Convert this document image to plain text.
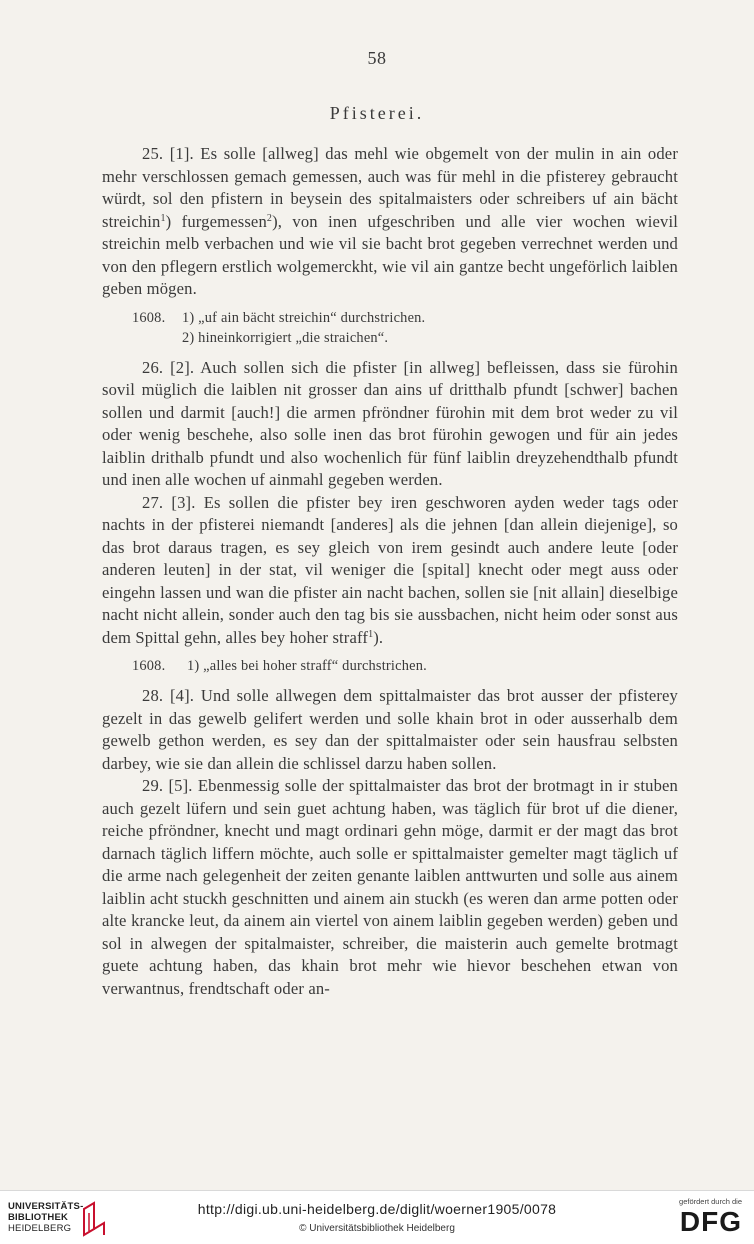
58
Pfisterei.

25. [1]. Es solle [allweg] das mehl wie obgemelt von der mulin in ain oder mehr verschlossen gemach gemessen, auch was für mehl in die pfisterey gebraucht würdt, sol den pfistern in beysein des spitalmaisters oder schreibers uf ain bächt streichin$^1$) furgemessen$^2$), von inen ufgeschriben und alle vier wochen wievil streichin melb verbachen und wie vil sie bacht brot gegeben verrechnet werden und von den pflegern erstlich wolgemerckht, wie vil ain gantze becht ungeförlich laiblen geben mögen.

1608. 1) „uf ain bächt streichin“ durchstrichen.
2) hineinkorrigiert „die straichen“.

26. [2]. Auch sollen sich die pfister [in allweg] befleissen, dass sie fürohin sovil müglich die laiblen nit grosser dan ains uf dritthalb pfundt [schwer] bachen sollen und darmit [auch!] die armen pfröndner fürohin mit dem brot weder zu vil oder wenig beschehe, also solle inen das brot fürohin gewogen und für ain jedes laiblin drithalb pfundt und also wochenlich für fünf laiblin dreyzehendthalb pfundt und inen alle wochen uf ainmahl gegeben werden.

27. [3]. Es sollen die pfister bey iren geschworen ayden weder tags oder nachts in der pfisterei niemandt [anderes] als die jehnen [dan allein diejenige], so das brot daraus tragen, es sey gleich von irem gesindt auch andere leute [oder anderen leuten] in der stat, vil weniger die [spital] knecht oder megt auss oder eingehn lassen und wan die pfister ain nacht bachen, sollen sie [nit allain] dieselbige nacht nicht allein, sonder auch den tag bis sie aussbachen, nicht heim oder sonst aus dem Spittal gehn, alles bey hoher straff$^1$).

1608. 1) „alles bei hoher straff“ durchstrichen.

28. [4]. Und solle allwegen dem spittalmaister das brot ausser der pfisterey gezelt in das gewelb gelifert werden und solle khain brot in oder ausserhalb dem gewelb gethon werden, es sey dan der spittalmaister oder sein hausfrau selbsten darbey, wie sie dan allein die schlissel darzu haben sollen.

29. [5]. Ebenmessig solle der spittalmaister das brot der brotmagt in ir stuben auch gezelt lüfern und sein guet achtung haben, was täglich für brot uf die diener, reiche pfröndner, knecht und magt ordinari gehn möge, darmit er der magt das brot darnach täglich liffern möchte, auch solle er spittalmaister gemelter magt täglich uf die arme nach gelegenheit der zeiten genante laiblen anttwurten und solle aus ainem laiblin acht stuckh geschnitten und ainem ain stuckh (es weren dan arme potten oder alte krancke leut, da ainem ain viertel von ainem laiblin gegeben werden) geben und sol in alwegen der spitalmaister, schreiber, die maisterin auch gemelte brotmagt guete achtung haben, das khain brot mehr wie hievor beschehen etwan von verwantnus, frendtschaft oder an-

UNIVERSITÄTS-
BIBLIOTHEK
HEIDELBERG
http://digi.ub.uni-heidelberg.de/diglit/woerner1905/0078
© Universitätsbibliothek Heidelberg
gefördert durch die
DFG
